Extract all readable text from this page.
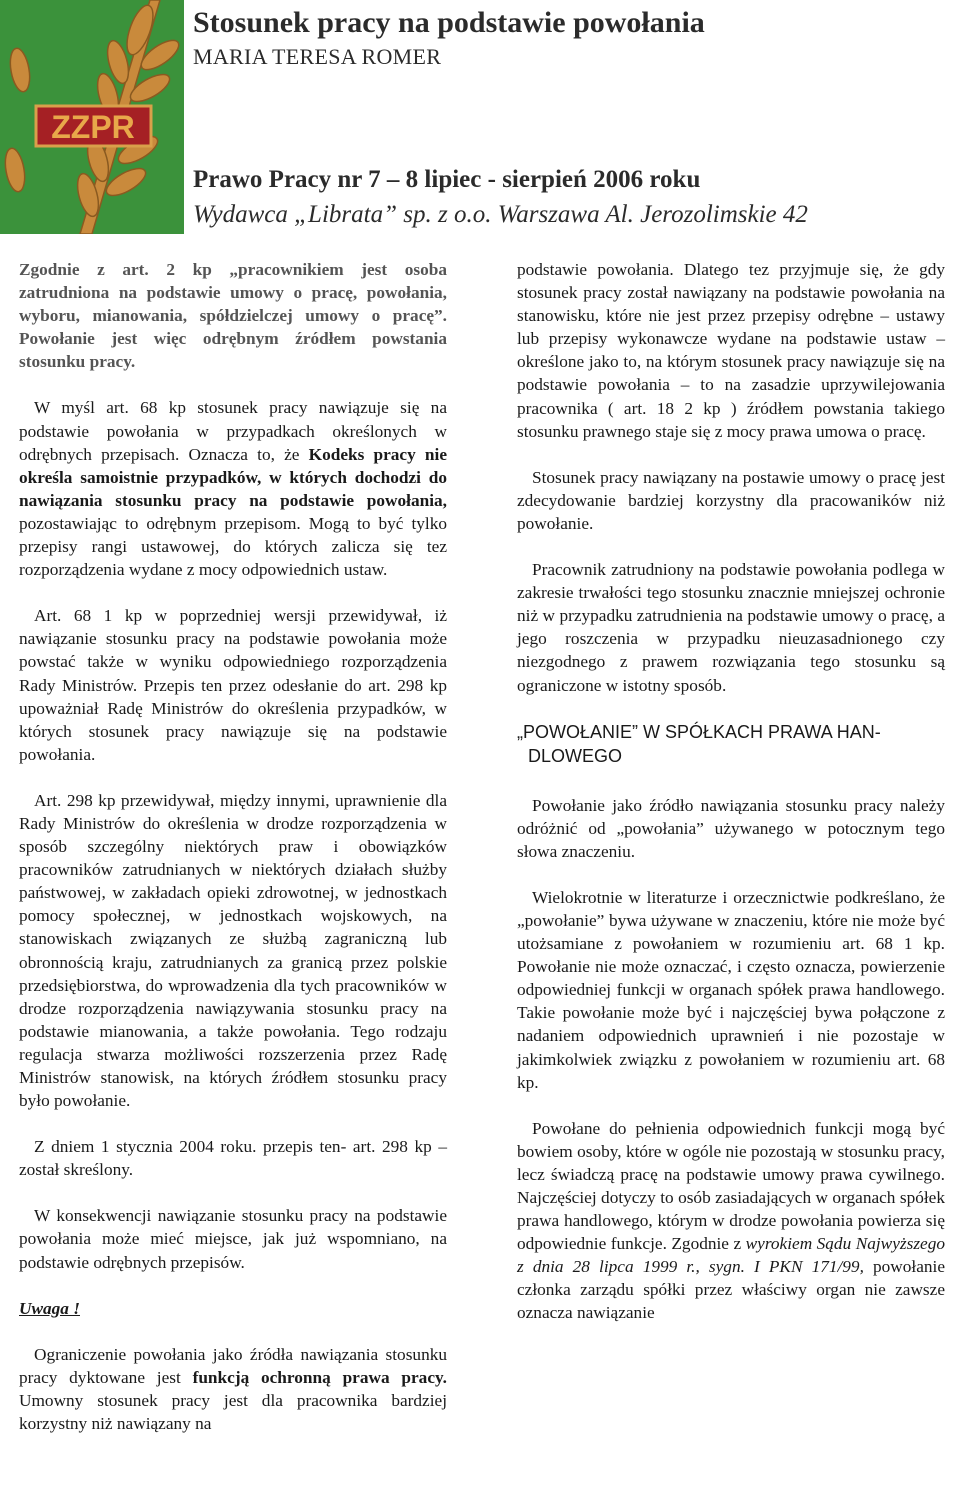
ZZPR
Stosunek pracy na podstawie powołania
MARIA TERESA ROMER
Prawo Pracy nr 7 – 8 lipiec - sierpień 2006 roku
Wydawca „Librata” sp. z o.o. Warszawa Al. Jerozolimskie 42

Zgodnie z art. 2 kp „pracownikiem jest osoba zatrudniona na podstawie umowy o pracę, powołania, wyboru, mianowania, spółdzielczej umowy o pracę”. Powołanie jest więc odrębnym źródłem powstania stosunku pracy.

W myśl art. 68 kp stosunek pracy nawiązuje się na podstawie powołania w przypadkach określonych w odrębnych przepisach. Oznacza to, że Kodeks pracy nie określa samoistnie przypadków, w których dochodzi do nawiązania stosunku pracy na podstawie powołania, pozostawiając to odrębnym przepisom. Mogą to być tylko przepisy rangi ustawowej, do których zalicza się tez rozporządzenia wydane z mocy odpowiednich ustaw.

Art. 68 1 kp w poprzedniej wersji przewidywał, iż nawiązanie stosunku pracy na podstawie powołania może powstać także w wyniku odpowiedniego rozporządzenia Rady Ministrów. Przepis ten przez odesłanie do art. 298 kp upoważniał Radę Ministrów do określenia przypadków, w których stosunek pracy nawiązuje się na podstawie powołania.

Art. 298 kp przewidywał, między innymi, uprawnienie dla Rady Ministrów do określenia w drodze rozporządzenia w sposób szczególny niektórych praw i obowiązków pracowników zatrudnianych w niektórych działach służby państwowej, w zakładach opieki zdrowotnej, w jednostkach pomocy społecznej, w jednostkach wojskowych, na stanowiskach związanych ze służbą zagraniczną lub obronnością kraju, zatrudnianych za granicą przez polskie przedsiębiorstwa, do wprowadzenia dla tych pracowników w drodze rozporządzenia nawiązywania stosunku pracy na podstawie mianowania, a także powołania. Tego rodzaju regulacja stwarza możliwości rozszerzenia przez Radę Ministrów stanowisk, na których źródłem stosunku pracy było powołanie.

Z dniem 1 stycznia 2004 roku. przepis ten- art. 298 kp – został skreślony.

W konsekwencji nawiązanie stosunku pracy na podstawie powołania może mieć miejsce, jak już wspomniano, na podstawie odrębnych przepisów.

Uwaga !

Ograniczenie powołania jako źródła nawiązania stosunku pracy dyktowane jest funkcją ochronną prawa pracy. Umowny stosunek pracy jest dla pracownika bardziej korzystny niż nawiązany na

podstawie powołania. Dlatego tez przyjmuje się, że gdy stosunek pracy został nawiązany na podstawie powołania na stanowisku, które nie jest przez przepisy odrębne – ustawy lub przepisy wykonawcze wydane na podstawie ustaw – określone jako to, na którym stosunek pracy nawiązuje się na podstawie powołania – to na zasadzie uprzywilejowania pracownika ( art. 18 2 kp ) źródłem powstania takiego stosunku prawnego staje się z mocy prawa umowa o pracę.

Stosunek pracy nawiązany na postawie umowy o pracę jest zdecydowanie bardziej korzystny dla pracowaników niż powołanie.

Pracownik zatrudniony na podstawie powołania podlega w zakresie trwałości tego stosunku znacznie mniejszej ochronie niż w przypadku zatrudnienia na podstawie umowy o pracę, a jego roszczenia w przypadku nieuzasadnionego czy niezgodnego z prawem rozwiązania tego stosunku są ograniczone w istotny sposób.

„POWOŁANIE” W SPÓŁKACH PRAWA HAN-
DLOWEGO

Powołanie jako źródło nawiązania stosunku pracy należy odróżnić od „powołania” używanego w potocznym tego słowa znaczeniu.

Wielokrotnie w literaturze i orzecznictwie podkreślano, że „powołanie” bywa używane w znaczeniu, które nie może być utożsamiane z powołaniem w rozumieniu art. 68 1 kp. Powołanie nie może oznaczać, i często oznacza, powierzenie odpowiedniej funkcji w organach spółek prawa handlowego. Takie powołanie może być i najczęściej bywa połączone z nadaniem odpowiednich uprawnień i nie pozostaje w jakimkolwiek związku z powołaniem w rozumieniu art. 68 kp.

Powołane do pełnienia odpowiednich funkcji mogą być bowiem osoby, które w ogóle nie pozostają w stosunku pracy, lecz świadczą pracę na podstawie umowy prawa cywilnego. Najczęściej dotyczy to osób zasiadających w organach spółek prawa handlowego, którym w drodze powołania powierza się odpowiednie funkcje. Zgodnie z wyrokiem Sądu Najwyższego z dnia 28 lipca 1999 r., sygn. I PKN 171/99, powołanie członka zarządu spółki przez właściwy organ nie zawsze oznacza nawiązanie
